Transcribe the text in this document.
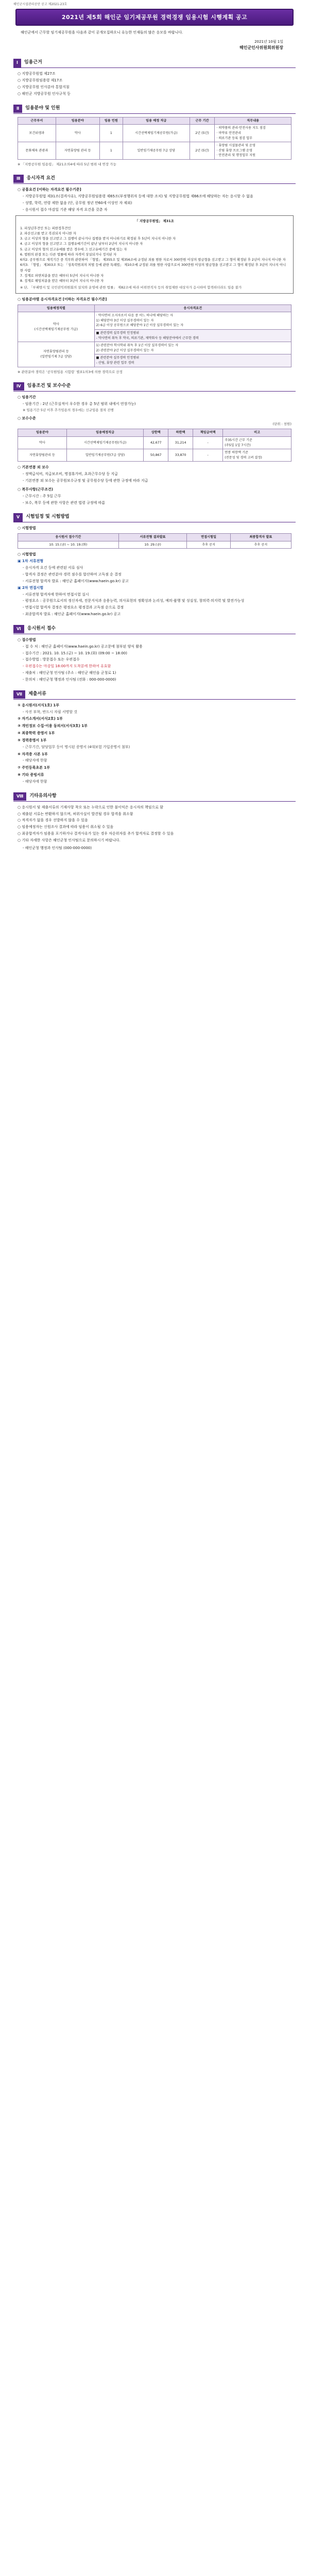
해인군시설관리공단 공고 제2021-23호
2021년 제5회 해인군 임기제공무원 경력경쟁 임용시험 시행계획 공고
해인군에서 근무할 임기제공무원을 다음과 같이 공개모집하오니 유능한 인재들의 많은 응모를 바랍니다.
2021년 10월 1일
해인군인사위원회위원장
Ⅰ	임용근거
○ 지방공무원법 제27조
○ 지방공무원임용령 제17조
○ 지방공무원 인사분야 통합지침
○ 해인군 지방공무원 인사규칙 등
Ⅱ	임용분야 및 인원
근무부서	임용분야	임용 인원	임용 예정 직급	근무 기간	직무내용
보건위생과	약사	1	시간선택제임기제공무원(가급)	2년 (5년)	· 의약품의 관리·안전사용 지도 점검
· 마약류 안전관리
· 의료기관 등록 점검 업무
문화체육 관광과	자연휴양림 관리 등	1	일반임기제공무원 7급 상당	2년 (5년)	· 휴양림 시설물관리 및 운영
· 산림 휴양 프로그램 운영
· 안전관리 및 행정업무 지원
※ 「지방공무원 임용령」 제21조의4에 따라 5년 범위 내 연장 가능
Ⅲ	응시자격 요건
○ 공통요건 [이하는 자격요건 필수기준]
- 지방공무원법 제31조(결격사유), 지방공무원임용령 제65조(부정행위자 등에 대한 조치) 및 지방공무원법 제66조에 해당하는 자는 응시할 수 없음
- 성별, 학력, 연령 제한 없음 (단, 공무원 정년 만60세 이상인 자 제외)
- 응시원서 접수 마감일 기준 해당 자격 요건을 갖춘 자
「 지방공무원법」 제31조
1. 피성년후견인 또는 피한정후견인
2. 파산선고를 받고 복권되지 아니한 자
3. 금고 이상의 형을 선고받고 그 집행이 끝나거나 집행을 받지 아니하기로 확정된 후 5년이 지나지 아니한 자
4. 금고 이상의 형을 선고받고 그 집행유예기간이 끝난 날부터 2년이 지나지 아니한 자
5. 금고 이상의 형의 선고유예를 받은 경우에 그 선고유예기간 중에 있는 자
6. 법원의 판결 또는 다른 법률에 따라 자격이 상실되거나 정지된 자
6의2. 공무원으로 재직기간 중 직무와 관련하여 「형법」 제355조 및 제356조에 규정된 죄를 범한 자로서 300만원 이상의 벌금형을 선고받고 그 형이 확정된 후 2년이 지나지 아니한 자
6의3. 「형법」 제303조 또는 「성폭력범죄의 처벌 등에 관한 특례법」 제10조에 규정된 죄를 범한 사람으로서 300만원 이상의 벌금형을 선고받고 그 형이 확정된 후 3년이 지나지 아니한 사람
7. 징계로 파면처분을 받은 때부터 5년이 지나지 아니한 자
8. 징계로 해임처분을 받은 때부터 3년이 지나지 아니한 자
※ 단, 「부패방지 및 국민권익위원회의 설치와 운영에 관한 법률」 제82조에 따라 비위면직자 등의 취업제한 대상자가 응시하여 합격하더라도 임용 불가
○ 임용분야별 응시자격요건 [이하는 자격요건 필수기준]
임용예정직렬	응시자격요건
약사
(시간선택제임기제공무원 가급)	· 약사면허 소지자로서 다음 중 어느 하나에 해당하는 자
1) 해당분야 3년 이상 실무경력이 있는 자
2) 6급 이상 공무원으로 해당분야 1년 이상 실무경력이 있는 자
	■ 관련경력 실무경력 인정범위
- 약사면허 취득 후 약국, 의료기관, 제약회사 등 해당분야에서 근무한 경력
자연휴양림관리 등
(일반임기제 7급 상당)	1) 관련분야 학사학위 취득 후 1년 이상 실무경력이 있는 자
2) 관련분야 2년 이상 실무경력이 있는 자
	■ 관련분야 실무경력 인정범위
- 산림, 휴양 관련 업무 경력
※ 관련분야 경력은 ‘공무원임용 시험령’ 별표1의3에 의한 경력으로 산정
Ⅳ	임용조건 및 보수수준
○ 임용기간
- 임용기간 : 2년 (근무실적이 우수한 경우 총 5년 범위 내에서 연장가능)
※ 임용기간 5년 이후 추가임용의 경우에는 신규임용 절차 진행
○ 보수수준
(단위 : 천원)
임용분야	임용예정직급	상한액	하한액	책임급여액	비고
약사	시간선택제임기제공무원(가급)	42,677	31,214	-	주35시간 근무 기준
(주5일 1일 7시간)
자연휴양림관리 등	일반임기제공무원(7급 상당)	50,867	33,870	-	연봉 하한액 기준
(전문성 및 경력 고려 결정)
○ 기본연봉 외 보수
- 정액급식비, 직급보조비, 명절휴가비, 초과근무수당 등 지급
- 기본연봉 외 보수는 공무원보수규정 및 공무원수당 등에 관한 규정에 따라 지급
○ 복무사항(근무조건)
- 근무시간 : 주 5일 근무
- 보수, 복무 등에 관한 사항은 관련 법령 규정에 따름
Ⅴ	시험일정 및 시험방법
○ 시험방법
응시원서 접수기간	서류전형 결과발표	면접시험일	최종합격자 발표
10. 15.(금) ~ 10. 19.(화)	10. 29.(금)	추후 공지	추후 공지
○ 시험방법
▣ 1차 서류전형
- 응시자격 요건 등에 관련된 서류 심사
- 합격자 결정은 관련분야 경력 점수를 합산하여 고득점 순 결정
- 서류전형 합격자 발표 : 해인군 홈페이지(www.haein.go.kr) 공고
▣ 2차 면접시험
- 서류전형 합격자에 한하여 면접시험 실시
- 평정요소 : 공무원으로서의 정신자세, 전문지식과 응용능력, 의사표현의 정확성과 논리성, 예의·품행 및 성실성, 창의력·의지력 및 발전가능성
- 면접시험 합격자 결정은 평정요소 평정결과 고득점 순으로 결정
- 최종합격자 발표 : 해인군 홈페이지(www.haein.go.kr) 공고
Ⅵ	응시원서 접수
○ 접수방법
- 접 수 처 : 해인군 홈페이지(www.haein.go.kr) 공고문에 첨부된 양식 활용
- 접수기간 : 2021. 10. 15.(금) ~ 10. 19.(화) (09:00 ~ 18:00)
- 접수방법 : 방문접수 또는 우편접수
- 우편접수는 마감일 18:00까지 도착분에 한하여 유효함
- 제출처 : 해인군청 인사팀 (주소 : 해인군 해인읍 군청로 1)
- 문의처 : 해인군청 행정과 인사팀 (전화 : 000-000-0000)
Ⅶ	제출서류
① 응시원서(서식1호) 1부
- 사진 부착, 반드시 자필 서명할 것
② 자기소개서(서식2호) 1부
③ 개인정보 수집·이용 동의서(서식3호) 1부
④ 최종학력 증명서 1부
⑤ 경력증명서 1부
- 근무기간, 담당업무 등이 명시된 증명서 (4대보험 가입증명서 첨부)
⑥ 자격증 사본 1부
- 해당자에 한함
⑦ 주민등록초본 1부
⑧ 기타 증빙서류
- 해당자에 한함
Ⅷ	기타유의사항
○ 응시원서 및 제출서류의 기재사항 착오 또는 누락으로 인한 불이익은 응시자의 책임으로 함
○ 제출된 서류는 반환하지 않으며, 허위사실이 발견될 경우 합격을 취소함
○ 적격자가 없을 경우 선발하지 않을 수 있음
○ 임용예정자는 신원조사 결과에 따라 임용이 취소될 수 있음
○ 최종합격자가 임용을 포기하거나 결격사유가 있는 경우 차순위자를 추가 합격자로 결정할 수 있음
○ 기타 자세한 사항은 해인군청 인사팀으로 문의하시기 바랍니다.
- 해인군청 행정과 인사팀 (000-000-0000)
